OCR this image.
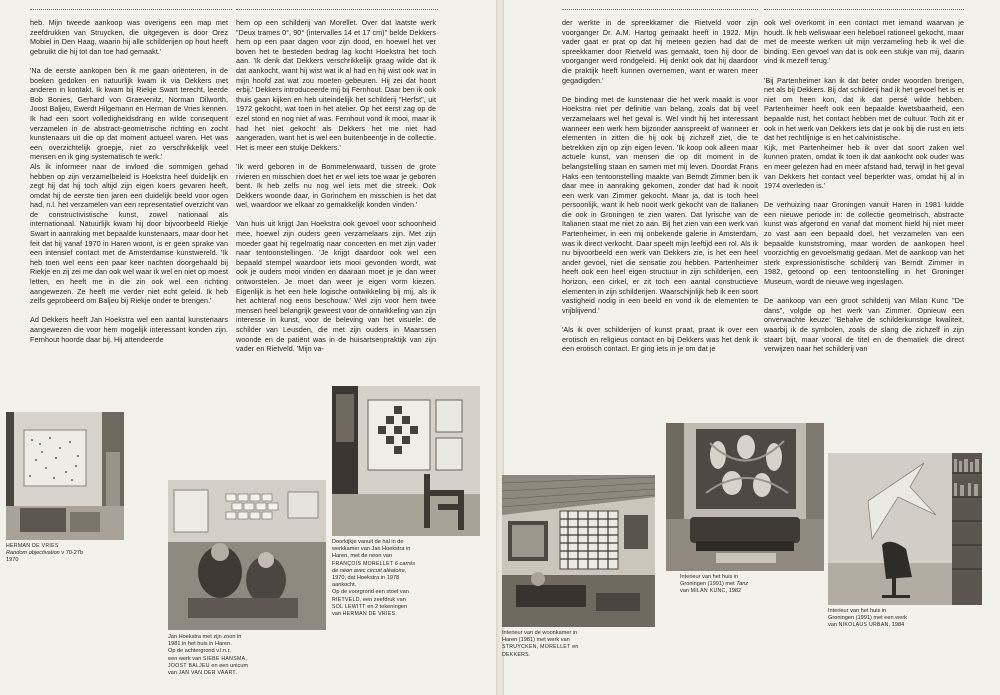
heb. Mijn tweede aankoop was overigens een map met zeefdrukken van Struycken, die uitgegeven is door Orez Mobiel in Den Haag, waarin hij alle schilderijen op hout heeft gebruikt die hij tot dan toe had gemaakt.'

'Na de eerste aankopen ben ik me gaan oriënteren, in de boeken gedoken en natuurlijk kwam ik via Dekkers met anderen in kontakt. Ik kwam bij Riekje Swart terecht, leerde Bob Bonies, Gerhard von Graevenitz, Norman Dilworth, Joost Baljeu, Ewerdt Hilgemann en Herman de Vries kennen. Ik had een soort volledigheidsdrang en wilde consequent verzamelen in de abstract-geometrische richting en zocht kunstenaars uit die op dat moment actueel waren. Het was een overzichtelijk groepje, niet zo verschrikkelijk veel mensen en ik ging systematisch te werk.'

Als ik informeer naar de invloed die sommigen gehad hebben op zijn verzamelbeleid is Hoekstra heel duidelijk en zegt hij dat hij toch altijd zijn eigen koers gevaren heeft, omdat hij de eerste tien jaren een duidelijk beeld voor ogen had, n.l. het verzamelen van een representatief overzicht van de constructivistische kunst, zowel nationaal als internationaal. Natuurlijk kwam hij door bijvoorbeeld Riekje Swart in aanraking met bepaalde kunstenaars, maar door het feit dat hij vanaf 1970 in Haren woont, is er geen sprake van een intensief contact met de Amsterdamse kunstwereld. 'Ik heb toen wel eens een paar keer nachten doorgehaald bij Riekje en zij zei me dan ook wel waar ik wel en niet op moest letten, en heeft me in die zin ook wel een richting aangewezen. Ze heeft me verder niet echt geleid. Ik heb zelfs geprobeerd om Baljeu bij Riekje onder te brengen.'

Ad Dekkers heeft Jan Hoekstra wel een aantal kunstenaars aangewezen die voor hem mogelijk interessant konden zijn. Fernhout hoorde daar bij. Hij attendeerde

hem op een schilderij van Morellet. Over dat laatste werk "Deux trames 0°, 90° (intervalles 14 et 17 cm)" belde Dekkers hem op een paar dagen voor zijn dood, en hoewel het ver boven het te besteden bedrag lag kocht Hoekstra het toch aan. 'Ik denk dat Dekkers verschrikkelijk graag wilde dat ik dat aankocht, want hij wist wat ik al had en hij wist ook wat in mijn hoofd zat wat zou moeten gebeuren. Hij zei dat hoort erbij.' Dekkers introduceerde mij bij Fernhout. Daar ben ik ook thuis gaan kijken en heb uiteindelijk het schilderij "Herfst", uit 1972 gekocht, wat toen in het atelier. Op het eerst zag op de ezel stond en nog niet af was. Fernhout vond ik mooi, maar ik had het niet gekocht als Dekkers het me niet had aangeraden, want het is wel een buitenbeentje in de collectie. Het is meer een stukje Dekkers.'

'Ik werd geboren in de Bommelerwaard, tussen de grote rivieren en misschien doet het er wel iets toe waar je geboren bent. Ik heb zelfs nu nog wel iets met die streek. Ook Dekkers woonde daar, in Gorinchem en misschien is het dat wel, waardoor we elkaar zo gemakkelijk konden vinden.'

Van huis uit krijgt Jan Hoekstra ook gevoel voor schoonheid mee, hoewel zijn ouders geen verzamelaars zijn. Met zijn moeder gaat hij regelmatig naar concerten en met zijn vader naar tentoonstellingen. 'Je krijgt daardoor ook wel een bepaald stempel waardoor iets mooi gevonden wordt, wat ook je ouders mooi vinden en daaraan moet je je dan weer ontworstelen. Je moet dan weer je eigen vorm kiezen. Eigenlijk is het een hele logische ontwikkeling bij mij, als ik het achteraf nog eens beschouw.' Wel zijn voor hem twee mensen heel belangrijk geweest voor de ontwikkeling van zijn interesse in kunst, voor de beleving van het visuele: de schilder van Leusden, die met zijn ouders in Maarssen woonde en de patiënt was in de huisartsenpraktijk van zijn vader en Rietveld. 'Mijn va-

der werkte in de spreekkamer die Rietveld voor zijn voorganger Dr. A.M. Hartog gemaakt heeft in 1922. Mijn vader gaat er prat op dat hij meteen gezien had dat de spreekkamer door Rietveld was gemaakt, toen hij door de voorganger werd rondgeleid. Hij denkt ook dat hij daardoor die praktijk heeft kunnen overnemen, want er waren meer gegadigden.'

De binding met de kunstenaar die het werk maakt is voor Hoekstra niet per definitie van belang, zoals dat bij veel verzamelaars wel het geval is. Wel vindt hij het interessant wanneer een werk hem bijzonder aanspreekt of wanneer er elementen in zitten die hij ook bij zichzelf ziet, die te betrekken zijn op zijn eigen leven. 'Ik koop ook alleen maar actuele kunst, van mensen die op dit moment in de belangstelling staan en samen met mij leven. Doordat Frans Haks een tentoonstelling maakte van Berndt Zimmer ben ik daar mee in aanraking gekomen, zonder dat had ik nooit een werk van Zimmer gekocht. Maar ja, dat is toch heel persoonlijk, want ik heb nooit werk gekocht van de Italianen die ook in Groningen te zien waren. Dat lyrische van de Italianen staat me niet zo aan. Bij het zien van een werk van Partenheimer, in een mij onbekende galerie in Amsterdam, was ik direct verkocht. Daar speelt mijn leeftijd een rol. Als ik nu bijvoorbeeld een werk van Dekkers zie, is het een heel ander gevoel, niet die sensatie zou hebben. Partenheimer heeft ook een heel eigen structuur in zijn schilderijen, een horizon, een cirkel, er zit toch een aantal constructieve elementen in zijn schilderijen. Waarschijnlijk heb ik een soort vastigheid nodig in een beeld en vond ik de elementen te vrijblijvend.'

'Als ik over schilderijen of kunst praat, praat ik over een erotisch en religieus contact en bij Dekkers was het denk ik een erotisch contact. Er ging iets in je om dat je

ook wel overkomt in een contact met iemand waarvan je houdt. Ik heb weliswaar een heleboel rationeel gekocht, maar met de meeste werken uit mijn verzameling heb ik wel die binding. Een gevoel van dat is ook een stukje van mij, daarin vind ik mezelf terug.'

'Bij Partenheimer kan ik dat beter onder woorden brengen, net als bij Dekkers. Bij dat schilderij had ik het gevoel het is er niet om heen kon, dat ik dat persé wilde hebben. Partenheimer heeft ook een bepaalde kwetsbaarheid, een bepaalde rust, het contact hebben met de cultuur. Toch zit er ook in het werk van Dekkers iets dat je ook bij die rust en iets dat het rechtlijnige is en het calvinistische.

Kijk, met Partenheimer heb ik over dat soort zaken wel kunnen praten, omdat ik toen ik dat aankocht ook ouder was en meer gelezen had en meer afstand had, terwijl in het geval van Dekkers het contact veel beperkter was, omdat hij al in 1974 overleden is.'

De verhuizing naar Groningen vanuit Haren in 1981 luidde een nieuwe periode in: de collectie geometrisch, abstracte kunst was afgerond en vanaf dat moment hield hij niet meer zo vast aan een bepaald doel, het verzamelen van een bepaalde kunststroming, maar worden de aankopen heel voorzichtig en gevoelsmatig gedaan. Met de aankoop van het sterk expressionistische schilderij van Berndt Zimmer in 1982, getoond op een tentoonstelling in het Groninger Museum, wordt de nieuwe weg ingeslagen.

De aankoop van een groot schilderij van Milan Kunc "De dans", volgde op het werk van Zimmer. Opnieuw een onverwachte keuze: 'Behalve de schilderkunstige kwaliteit, waarbij ik de symbolen, zoals de slang die zichzelf in zijn staart bijt, maar vooral de titel en de thematiek die direct verwijzen naar het schilderij van

HERMAN DE VRIES
Random objectivation v 70-27b
1970
Jan Hoekstra met zijn zoon in
1981 in het huis in Haren.
Op de achtergrond v.l.n.r.
een werk van SIEBE HANSMA,
JOOST BALJEU en een unicum
van JAN VAN DER VAART.
Doorkijkje vanuit de hal in de
werkkamer van Jan Hoekstra in
Haren, met de neon van
FRANÇOIS MORELLET 6 carrés
de néon avec circuit aléatoire,
1970, dat Hoekstra in 1978
aankocht.
Op de voorgrond een stoel van
RIETVELD, een zeefdruk van
SOL LEWITT en 2 tekeningen
van HERMAN DE VRIES.
Interieur van de woonkamer in
Haren (1981) met werk van
STRUYCKEN, MORELLET en
DEKKERS.
Interieur van het huis in
Groningen (1991) met Tanz
van MILAN KUNC, 1982
Interieur van het huis in
Groningen (1991) met een werk
van NIKOLAUS URBAN, 1984
